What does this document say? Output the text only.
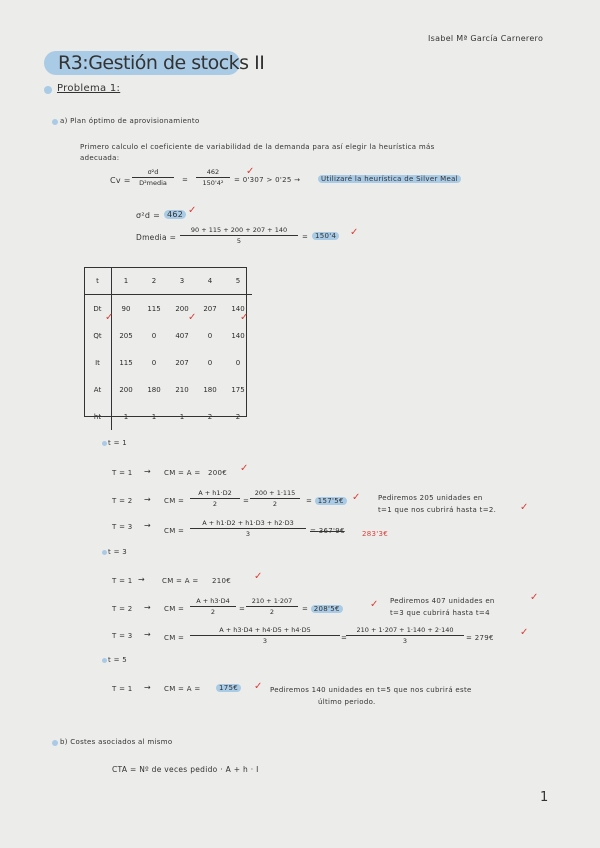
Isabel Mª García Carnerero
R3:Gestión de stocks II
Problema 1:
a) Plan óptimo de aprovisionamiento
Primero calculo el coeficiente de variabilidad de la demanda para así elegir la heurística más
adecuada:
Cv =
σ²d
D²media	= $\frac{462}{\text{150'4²}} = 0'307 > 0'25$ →
✓
Utilizaré la heurística de Silver Meal
σ²d = 462 ✓
Dmedia = $\frac{90 + 115 + 200 + 207 + 140}{5} = 150'4$	✓
t	1	2	3	4	5
Dt	90	115	200	207	140
Qt	205	0	407	0	140
It	115	0	207	0	0
At	200	180	210	180	175
ht	1	1	1	2	2
✓	✓	✓
t = 1
T = 1 → CM = A = 200€ ✓
T = 2 → CM = $\frac{A + h1\cdot D2}{2} = \frac{200 + 1\cdot 115}{2}$ = 157'5€ ✓	Pediremos 205 unidades en
t=1 que nos cubrirá hasta t=2. ✓
T = 3 →
CM = $\frac{A + h1\cdot D2 + h1\cdot D3 + h2\cdot D3}{3}$ = 367'9€ 283'3€
t = 3
T = 1 → CM = A = 210€ ✓
T = 2 → CM = $\frac{A + h3\cdot D4}{2} = \frac{210 + 1\cdot 207}{2}$ = 208'5€	✓ Pediremos 407 unidades en
t=3 que cubrirá hasta t=4
✓
T = 3 → CM = $\frac{A + h3\cdot D4 + h4\cdot D5 + h4\cdot D5}{3}$ =
$\frac{210 + 1\cdot 207 + 1\cdot 140 + 2\cdot 140}{3}$ = 279€	✓
t = 5
T = 1 → CM = A =	175€	✓ Pediremos 140 unidades en t=5 que nos cubrirá este
último periodo.
b) Costes asociados al mismo
CTA = Nº de veces pedido · A + h · I
1
